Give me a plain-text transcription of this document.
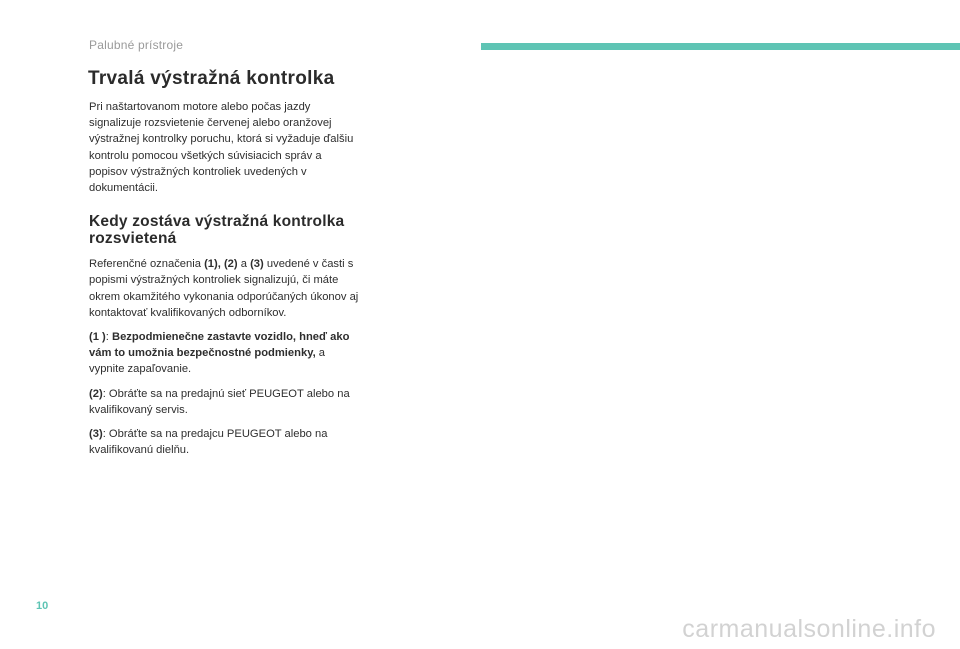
Palubné prístroje
Trvalá výstražná kontrolka

Pri naštartovanom motore alebo počas jazdy signalizuje rozsvietenie červenej alebo oranžovej výstražnej kontrolky poruchu, ktorá si vyžaduje ďalšiu kontrolu pomocou všetkých súvisiacich správ a popisov výstražných kontroliek uvedených v dokumentácii.

Kedy zostáva výstražná kontrolka rozsvietená

Referenčné označenia (1), (2) a (3) uvedené v časti s popismi výstražných kontroliek signalizujú, či máte okrem okamžitého vykonania odporúčaných úkonov aj kontaktovať kvalifikovaných odborníkov.

(1 ): Bezpodmienečne zastavte vozidlo, hneď ako vám to umožnia bezpečnostné podmienky, a vypnite zapaľovanie.

(2): Obráťte sa na predajnú sieť PEUGEOT alebo na kvalifikovaný servis.

(3): Obráťte sa na predajcu PEUGEOT alebo na kvalifikovanú dielňu.

10
carmanualsonline.info
